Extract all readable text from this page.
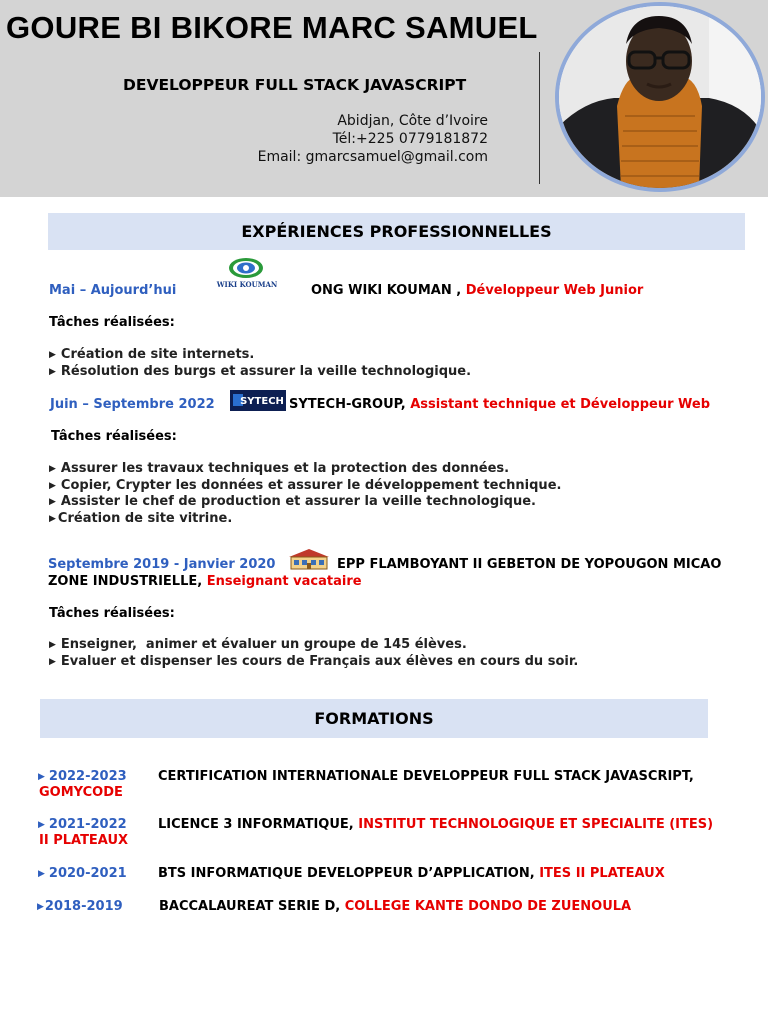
GOURE BI BIKORE MARC SAMUEL
DEVELOPPEUR FULL STACK JAVASCRIPT
Abidjan, Côte d’Ivoire
Tél:+225 0779181872
Email: gmarcsamuel@gmail.com
EXPÉRIENCES PROFESSIONNELLES
Mai – Aujourd’hui	WIKI KOUMAN	ONG WIKI KOUMAN , Développeur Web Junior
Tâches réalisées:
▶ Création de site internets.
▶ Résolution des burgs et assurer la veille technologique.
Juin – Septembre 2022	SYTECH SYTECH-GROUP, Assistant technique et Développeur Web
Tâches réalisées:
▶ Assurer les travaux techniques et la protection des données.
▶ Copier, Crypter les données et assurer le développement technique.
▶ Assister le chef de production et assurer la veille technologique.
▶ Création de site vitrine.
Septembre 2019 - Janvier 2020	EPP FLAMBOYANT II GEBETON DE YOPOUGON MICAO
ZONE INDUSTRIELLE, Enseignant vacataire
Tâches réalisées:
▶ Enseigner,  animer et évaluer un groupe de 145 élèves.
▶ Evaluer et dispenser les cours de Français aux élèves en cours du soir.
FORMATIONS
▶ 2022-2023 CERTIFICATION INTERNATIONALE DEVELOPPEUR FULL STACK JAVASCRIPT,
GOMYCODE
▶ 2021-2022 LICENCE 3 INFORMATIQUE, INSTITUT TECHNOLOGIQUE ET SPECIALITE (ITES)
II PLATEAUX
▶ 2020-2021 BTS INFORMATIQUE DEVELOPPEUR D’APPLICATION, ITES II PLATEAUX
▶2018-2019	BACCALAUREAT SERIE D, COLLEGE KANTE DONDO DE ZUENOULA
